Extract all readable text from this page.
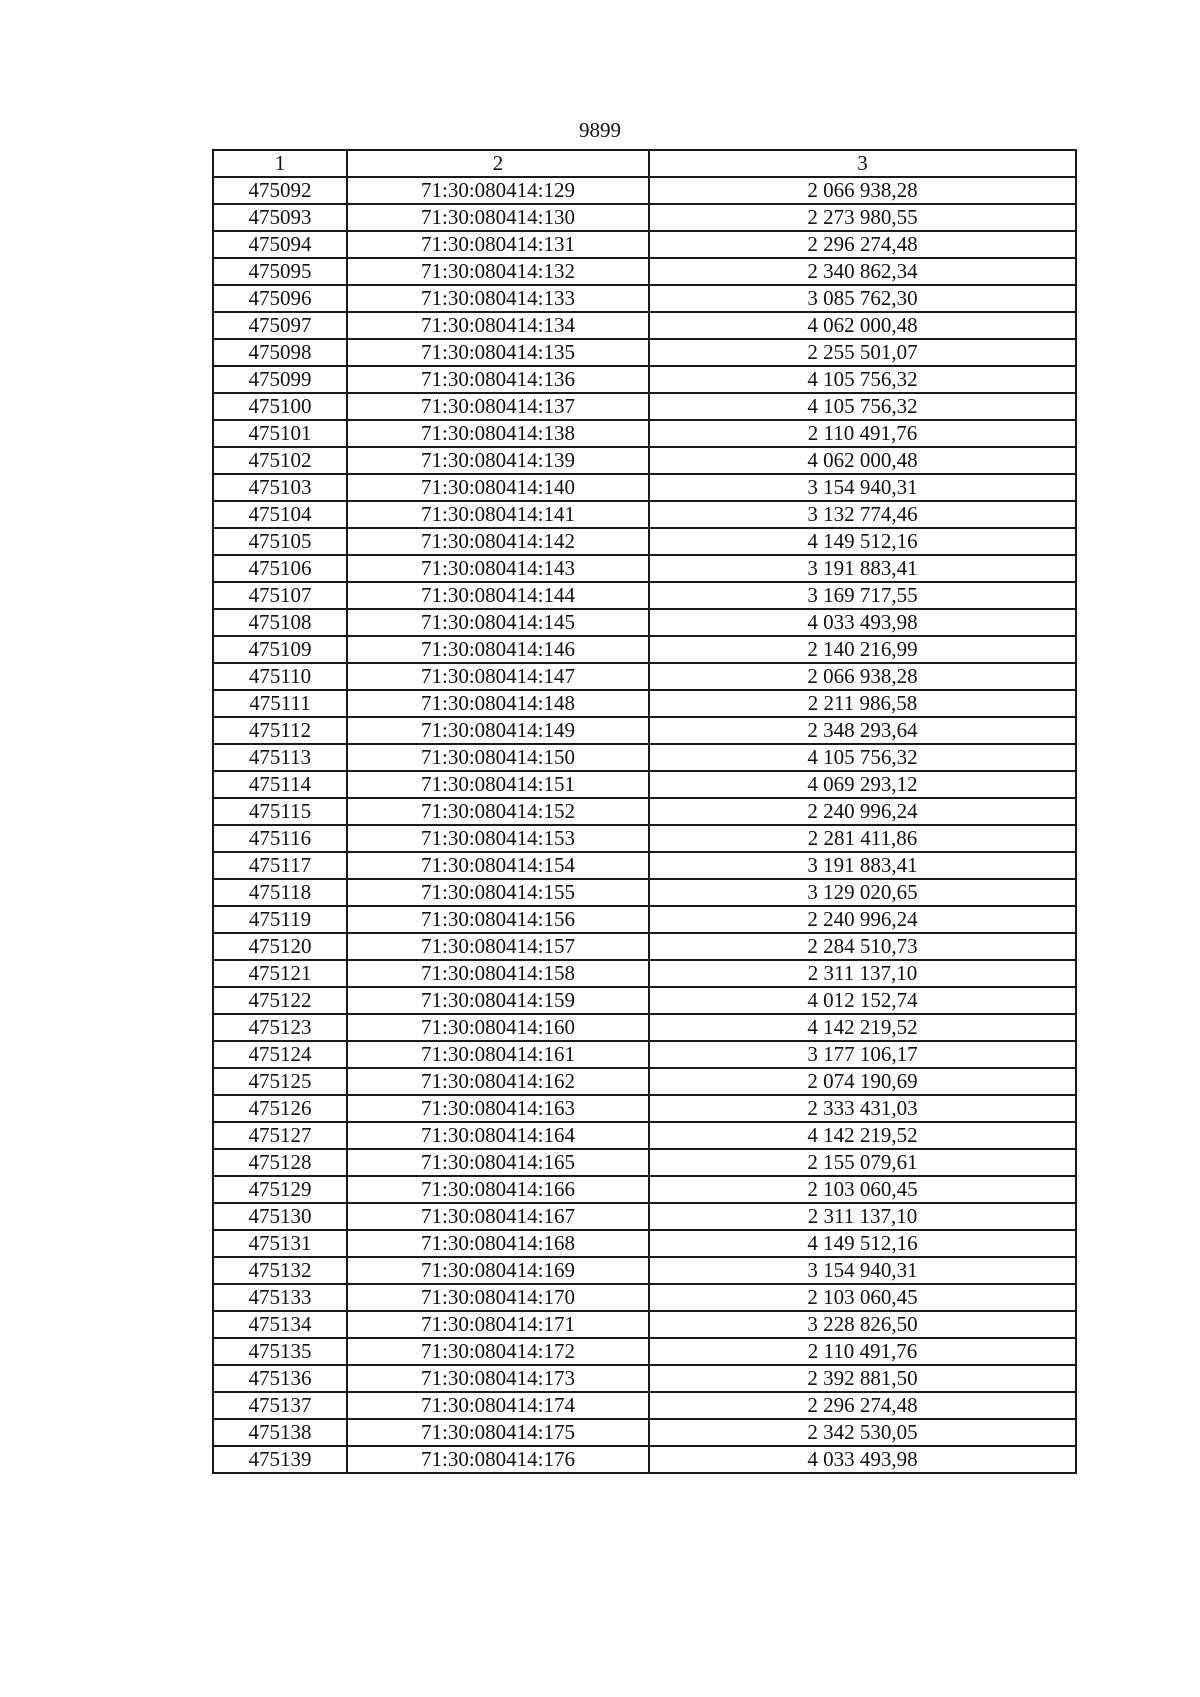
9899
1	2	3
475092	71:30:080414:129	2 066 938,28
475093	71:30:080414:130	2 273 980,55
475094	71:30:080414:131	2 296 274,48
475095	71:30:080414:132	2 340 862,34
475096	71:30:080414:133	3 085 762,30
475097	71:30:080414:134	4 062 000,48
475098	71:30:080414:135	2 255 501,07
475099	71:30:080414:136	4 105 756,32
475100	71:30:080414:137	4 105 756,32
475101	71:30:080414:138	2 110 491,76
475102	71:30:080414:139	4 062 000,48
475103	71:30:080414:140	3 154 940,31
475104	71:30:080414:141	3 132 774,46
475105	71:30:080414:142	4 149 512,16
475106	71:30:080414:143	3 191 883,41
475107	71:30:080414:144	3 169 717,55
475108	71:30:080414:145	4 033 493,98
475109	71:30:080414:146	2 140 216,99
475110	71:30:080414:147	2 066 938,28
475111	71:30:080414:148	2 211 986,58
475112	71:30:080414:149	2 348 293,64
475113	71:30:080414:150	4 105 756,32
475114	71:30:080414:151	4 069 293,12
475115	71:30:080414:152	2 240 996,24
475116	71:30:080414:153	2 281 411,86
475117	71:30:080414:154	3 191 883,41
475118	71:30:080414:155	3 129 020,65
475119	71:30:080414:156	2 240 996,24
475120	71:30:080414:157	2 284 510,73
475121	71:30:080414:158	2 311 137,10
475122	71:30:080414:159	4 012 152,74
475123	71:30:080414:160	4 142 219,52
475124	71:30:080414:161	3 177 106,17
475125	71:30:080414:162	2 074 190,69
475126	71:30:080414:163	2 333 431,03
475127	71:30:080414:164	4 142 219,52
475128	71:30:080414:165	2 155 079,61
475129	71:30:080414:166	2 103 060,45
475130	71:30:080414:167	2 311 137,10
475131	71:30:080414:168	4 149 512,16
475132	71:30:080414:169	3 154 940,31
475133	71:30:080414:170	2 103 060,45
475134	71:30:080414:171	3 228 826,50
475135	71:30:080414:172	2 110 491,76
475136	71:30:080414:173	2 392 881,50
475137	71:30:080414:174	2 296 274,48
475138	71:30:080414:175	2 342 530,05
475139	71:30:080414:176	4 033 493,98
